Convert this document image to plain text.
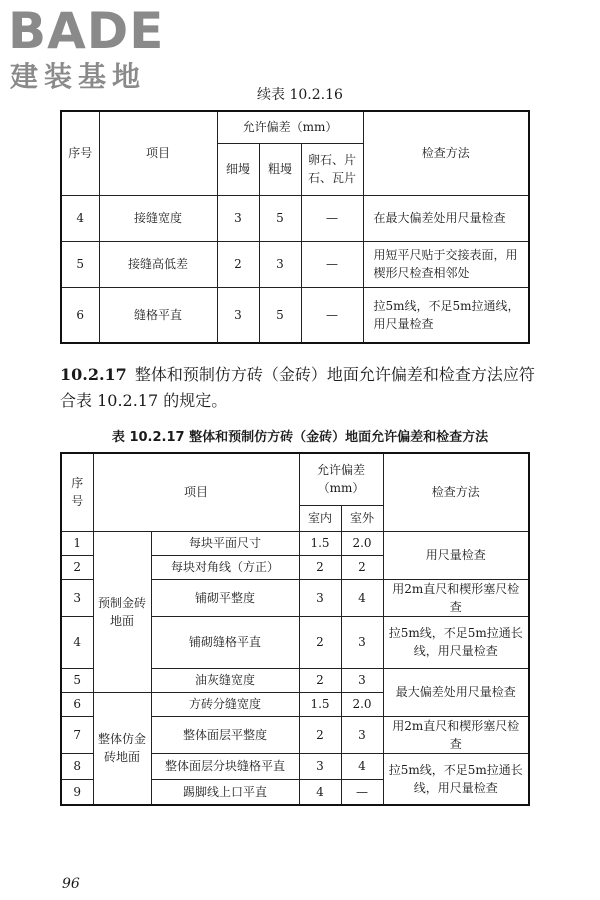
BADE
建装基地
续表 10.2.16
序号	项目	允许偏差（mm）			检查方法
		细墁	粗墁	卵石、片石、瓦片	
4	接缝宽度	3	5	—	在最大偏差处用尺量检查
5	接缝高低差	2	3	—	用短平尺贴于交接表面，用楔形尺检查相邻处
6	缝格平直	3	5	—	拉5m线，不足5m拉通线，用尺量检查
10.2.17 整体和预制仿方砖（金砖）地面允许偏差和检查方法应符合表 10.2.17 的规定。
表 10.2.17 整体和预制仿方砖（金砖）地面允许偏差和检查方法
序号	项目		允许偏差（mm）		检查方法
			室内	室外	
1	预制金砖地面	每块平面尺寸	1.5	2.0	用尺量检查
2		每块对角线（方正）	2	2	
3		铺砌平整度	3	4	用2m直尺和楔形塞尺检查
4		铺砌缝格平直	2	3	拉5m线，不足5m拉通长线，用尺量检查
5		油灰缝宽度	2	3	最大偏差处用尺量检查
6	整体仿金砖地面	方砖分缝宽度	1.5	2.0	
7		整体面层平整度	2	3	用2m直尺和楔形塞尺检查
8		整体面层分块缝格平直	3	4	拉5m线，不足5m拉通长线，用尺量检查
9		踢脚线上口平直	4	—	
96
